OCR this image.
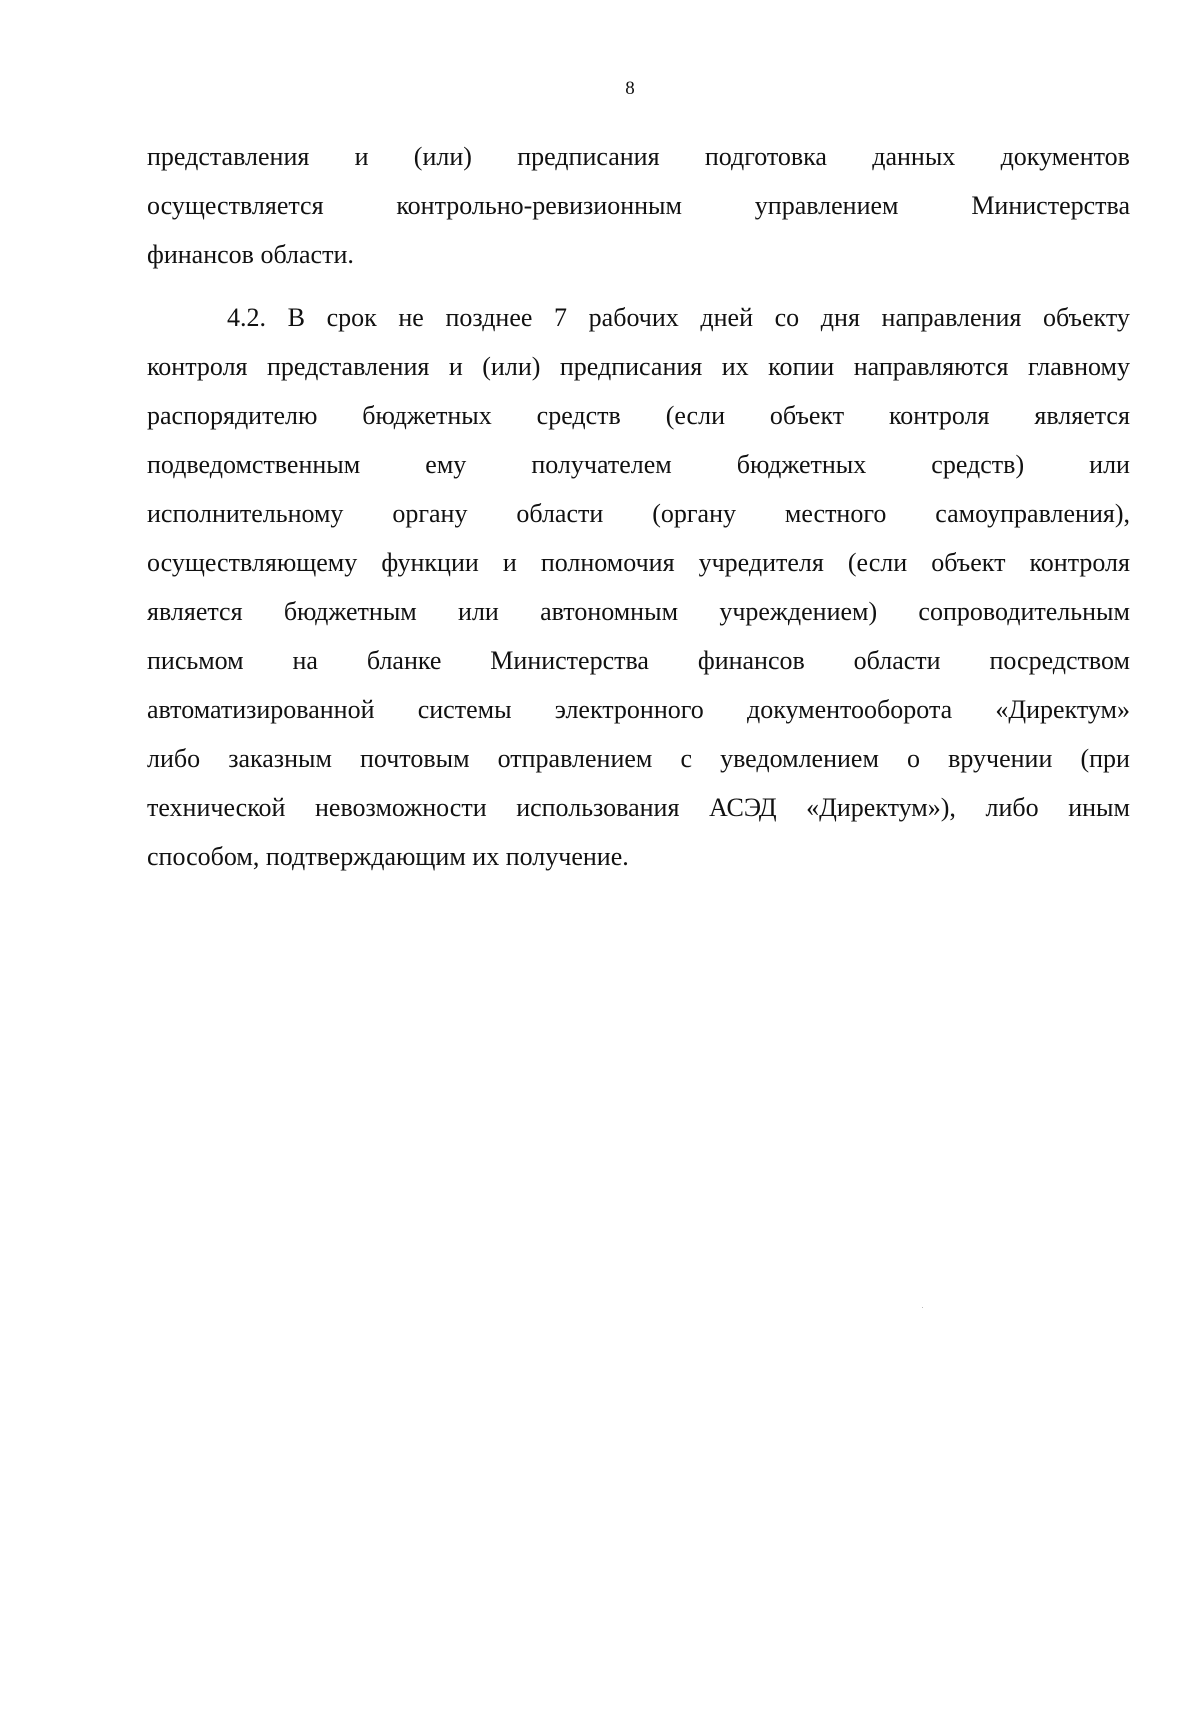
8
представления и (или) предписания подготовка данных документов
осуществляется	контрольно-ревизионным	управлением	Министерства
финансов области.
4.2. В срок не позднее 7 рабочих дней со дня направления объекту
контроля представления и (или) предписания их копии направляются главному
распорядителю бюджетных средств (если объект контроля является
подведомственным	ему	получателем	бюджетных	средств)	или
исполнительному органу области (органу местного самоуправления),
осуществляющему функции и полномочия учредителя (если объект контроля
является бюджетным или автономным учреждением) сопроводительным
письмом на бланке Министерства финансов области посредством
автоматизированной системы электронного документооборота «Директум»
либо заказным почтовым отправлением с уведомлением о вручении (при
технической невозможности использования АСЭД «Директум»), либо иным
способом, подтверждающим их получение.
